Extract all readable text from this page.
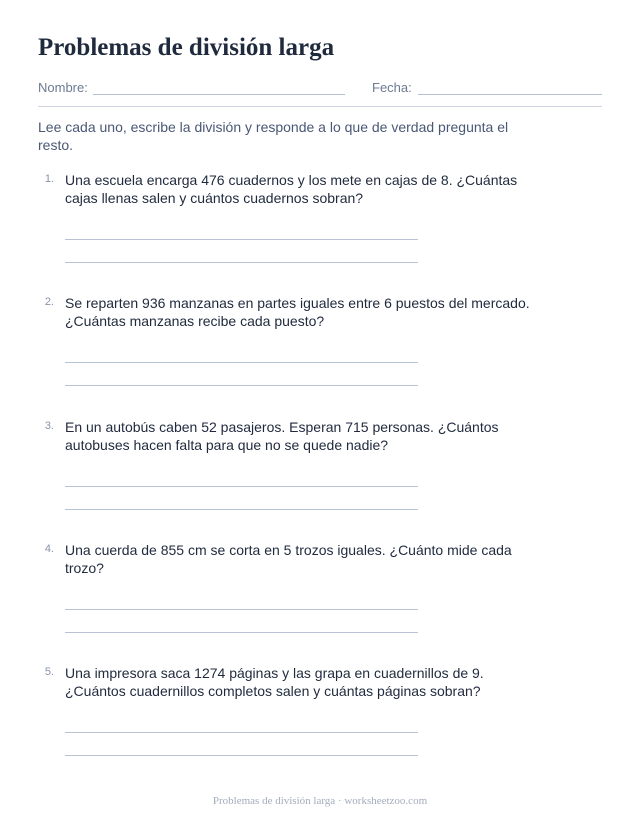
Problemas de división larga
Nombre:	Fecha:

Lee cada uno, escribe la división y responde a lo que de verdad pregunta el resto.

1. Una escuela encarga 476 cuadernos y los mete en cajas de 8. ¿Cuántas cajas llenas salen y cuántos cuadernos sobran?

2. Se reparten 936 manzanas en partes iguales entre 6 puestos del mercado. ¿Cuántas manzanas recibe cada puesto?

3. En un autobús caben 52 pasajeros. Esperan 715 personas. ¿Cuántos autobuses hacen falta para que no se quede nadie?

4. Una cuerda de 855 cm se corta en 5 trozos iguales. ¿Cuánto mide cada trozo?

5. Una impresora saca 1274 páginas y las grapa en cuadernillos de 9. ¿Cuántos cuadernillos completos salen y cuántas páginas sobran?

Problemas de división larga · worksheetzoo.com
